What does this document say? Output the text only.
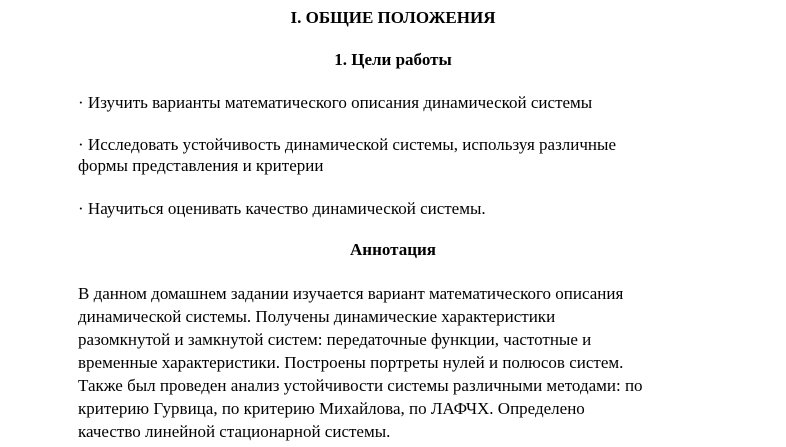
I. ОБЩИЕ ПОЛОЖЕНИЯ
1. Цели работы

· Изучить варианты математического описания динамической системы

· Исследовать устойчивость динамической системы, используя различные
формы представления и критерии

· Научиться оценивать качество динамической системы.

Аннотация
В данном домашнем задании изучается вариант математического описания
динамической системы. Получены динамические характеристики
разомкнутой и замкнутой систем: передаточные функции, частотные и
временные характеристики. Построены портреты нулей и полюсов систем.
Также был проведен анализ устойчивости системы различными методами: по
критерию Гурвица, по критерию Михайлова, по ЛАФЧХ. Определено
качество линейной стационарной системы.
